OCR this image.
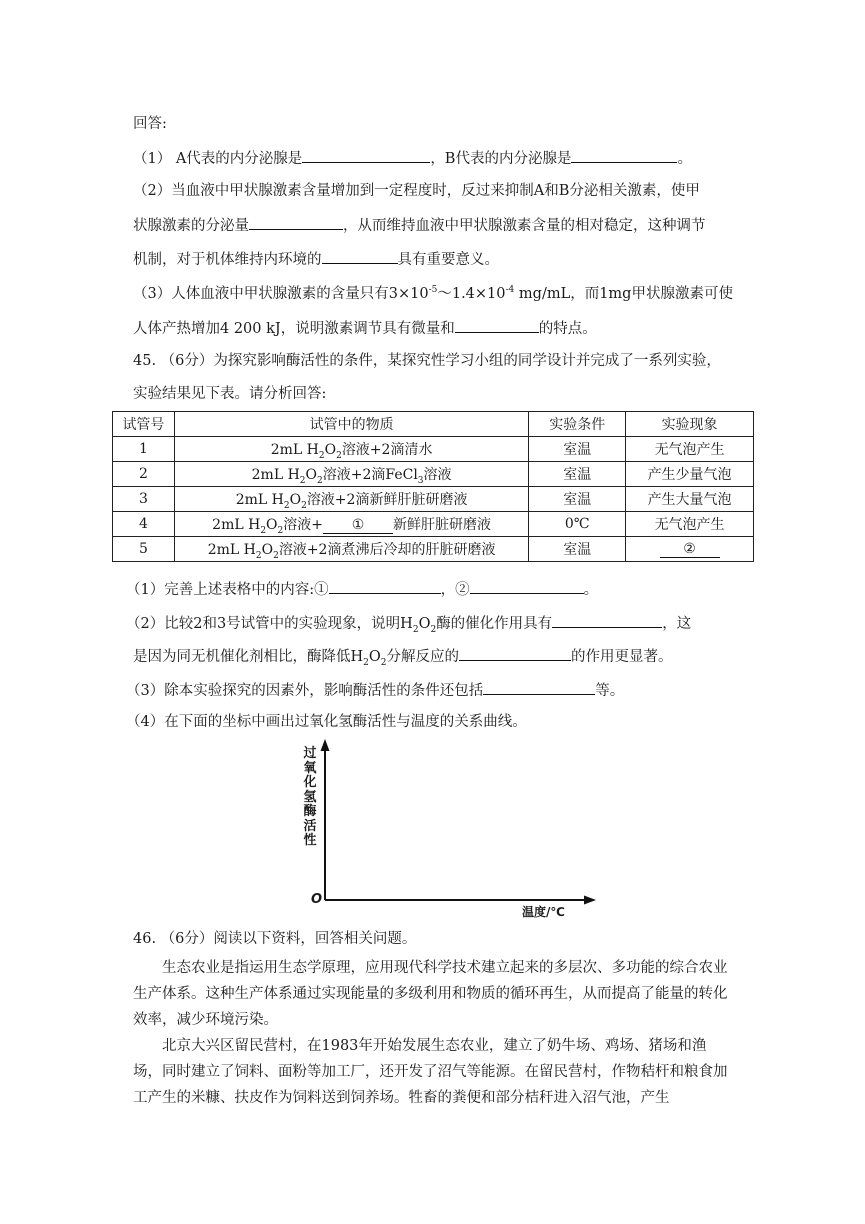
回答:
（1） A代表的内分泌腺是	，B代表的内分泌腺是	。
（2）当血液中甲状腺激素含量增加到一定程度时，反过来抑制A和B分泌相关激素，使甲
状腺激素的分泌量	，从而维持血液中甲状腺激素含量的相对稳定，这种调节
机制，对于机体维持内环境的	具有重要意义。
（3）人体血液中甲状腺激素的含量只有$3\times 10^{-5}\sim 1.4\times 10^{-4}$ mg/mL，而1mg甲状腺激素可使
人体产热增加4 200 kJ，说明激素调节具有微量和	的特点。
45. （6分）为探究影响酶活性的条件，某探究性学习小组的同学设计并完成了一系列实验，
实验结果见下表。请分析回答:
试管号	试管中的物质	实验条件	实验现象
1	2mL $H_2O_2$溶液+2滴清水	室温	无气泡产生
2	2mL $H_2O_2$溶液+2滴FeCl$_3$溶液	室温	产生少量气泡
3	2mL $H_2O_2$溶液+2滴新鲜肝脏研磨液	室温	产生大量气泡
4	2mL $H_2O_2$溶液+ ① 新鲜肝脏研磨液	0℃	无气泡产生
5	2mL $H_2O_2$溶液+2滴煮沸后冷却的肝脏研磨液	室温	②
（1）完善上述表格中的内容:①	，②	。
（2）比较2和3号试管中的实验现象，说明$H_2O_2$酶的催化作用具有	，这
是因为同无机催化剂相比，酶降低$H_2O_2$分解反应的	的作用更显著。
（3）除本实验探究的因素外，影响酶活性的条件还包括	等。
（4）在下面的坐标中画出过氧化氢酶活性与温度的关系曲线。
过氧化氢酶活性
O
温度/℃
46. （6分）阅读以下资料，回答相关问题。
生态农业是指运用生态学原理，应用现代科学技术建立起来的多层次、多功能的综合农业生产体系。这种生产体系通过实现能量的多级利用和物质的循环再生，从而提高了能量的转化效率，减少环境污染。
北京大兴区留民营村，在1983年开始发展生态农业，建立了奶牛场、鸡场、猪场和渔场，同时建立了饲料、面粉等加工厂，还开发了沼气等能源。在留民营村，作物秸杆和粮食加工产生的米糠、扶皮作为饲料送到饲养场。牲畜的粪便和部分桔秆进入沼气池，产生
